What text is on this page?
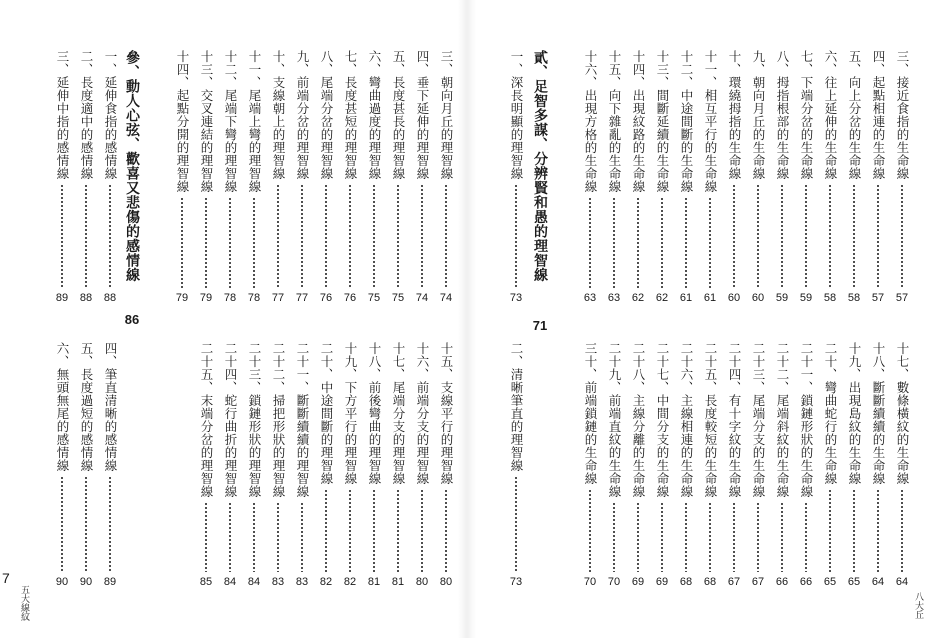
三、延伸中指的感情線
89
二、長度適中的感情線
88
一、延伸食指的感情線
88
參、動人心弦、歡喜又悲傷的感情線
86
十四、起點分開的理智線
79
十三、交叉連結的理智線
79
十二、尾端下彎的理智線
78
十一、尾端上彎的理智線
78
十、支線朝上的理智線
77
九、前端分岔的理智線
77
八、尾端分岔的理智線
76
七、長度甚短的理智線
76
六、彎曲過度的理智線
75
五、長度甚長的理智線
75
四、垂下延伸的理智線
74
三、朝向月丘的理智線
74
六、無頭無尾的感情線
90
五、長度過短的感情線
90
四、筆直清晰的感情線
89
二十五、末端分岔的理智線
85
二十四、蛇行曲折的理智線
84
二十三、鎖鏈形狀的理智線
84
二十二、掃把形狀的理智線
83
二十一、斷斷續續的理智線
83
二十、中途間斷的理智線
82
十九、下方平行的理智線
82
十八、前後彎曲的理智線
81
十七、尾端分支的理智線
81
十六、前端分支的理智線
80
十五、支線平行的理智線
80
7
五大線紋
一、深長明顯的理智線
73
貳、足智多謀、分辨賢和愚的理智線
71
十六、出現方格的生命線
63
十五、向下雜亂的生命線
63
十四、出現紋路的生命線
62
十三、間斷延續的生命線
62
十二、中途間斷的生命線
61
十一、相互平行的生命線
61
十、環繞拇指的生命線
60
九、朝向月丘的生命線
60
八、拇指根部的生命線
59
七、下端分岔的生命線
59
六、往上延伸的生命線
58
五、向上分岔的生命線
58
四、起點相連的生命線
57
三、接近食指的生命線
57
二、清晰筆直的理智線
73
三十、前端鎖鏈的生命線
70
二十九、前端直紋的生命線
70
二十八、主線分離的生命線
69
二十七、中間分支的生命線
69
二十六、主線相連的生命線
68
二十五、長度較短的生命線
68
二十四、有十字紋的生命線
67
二十三、尾端分支的生命線
67
二十二、尾端斜紋的生命線
66
二十一、鎖鏈形狀的生命線
66
二十、彎曲蛇行的生命線
65
十九、出現島紋的生命線
65
十八、斷斷續續的生命線
64
十七、數條橫紋的生命線
64
八大丘
